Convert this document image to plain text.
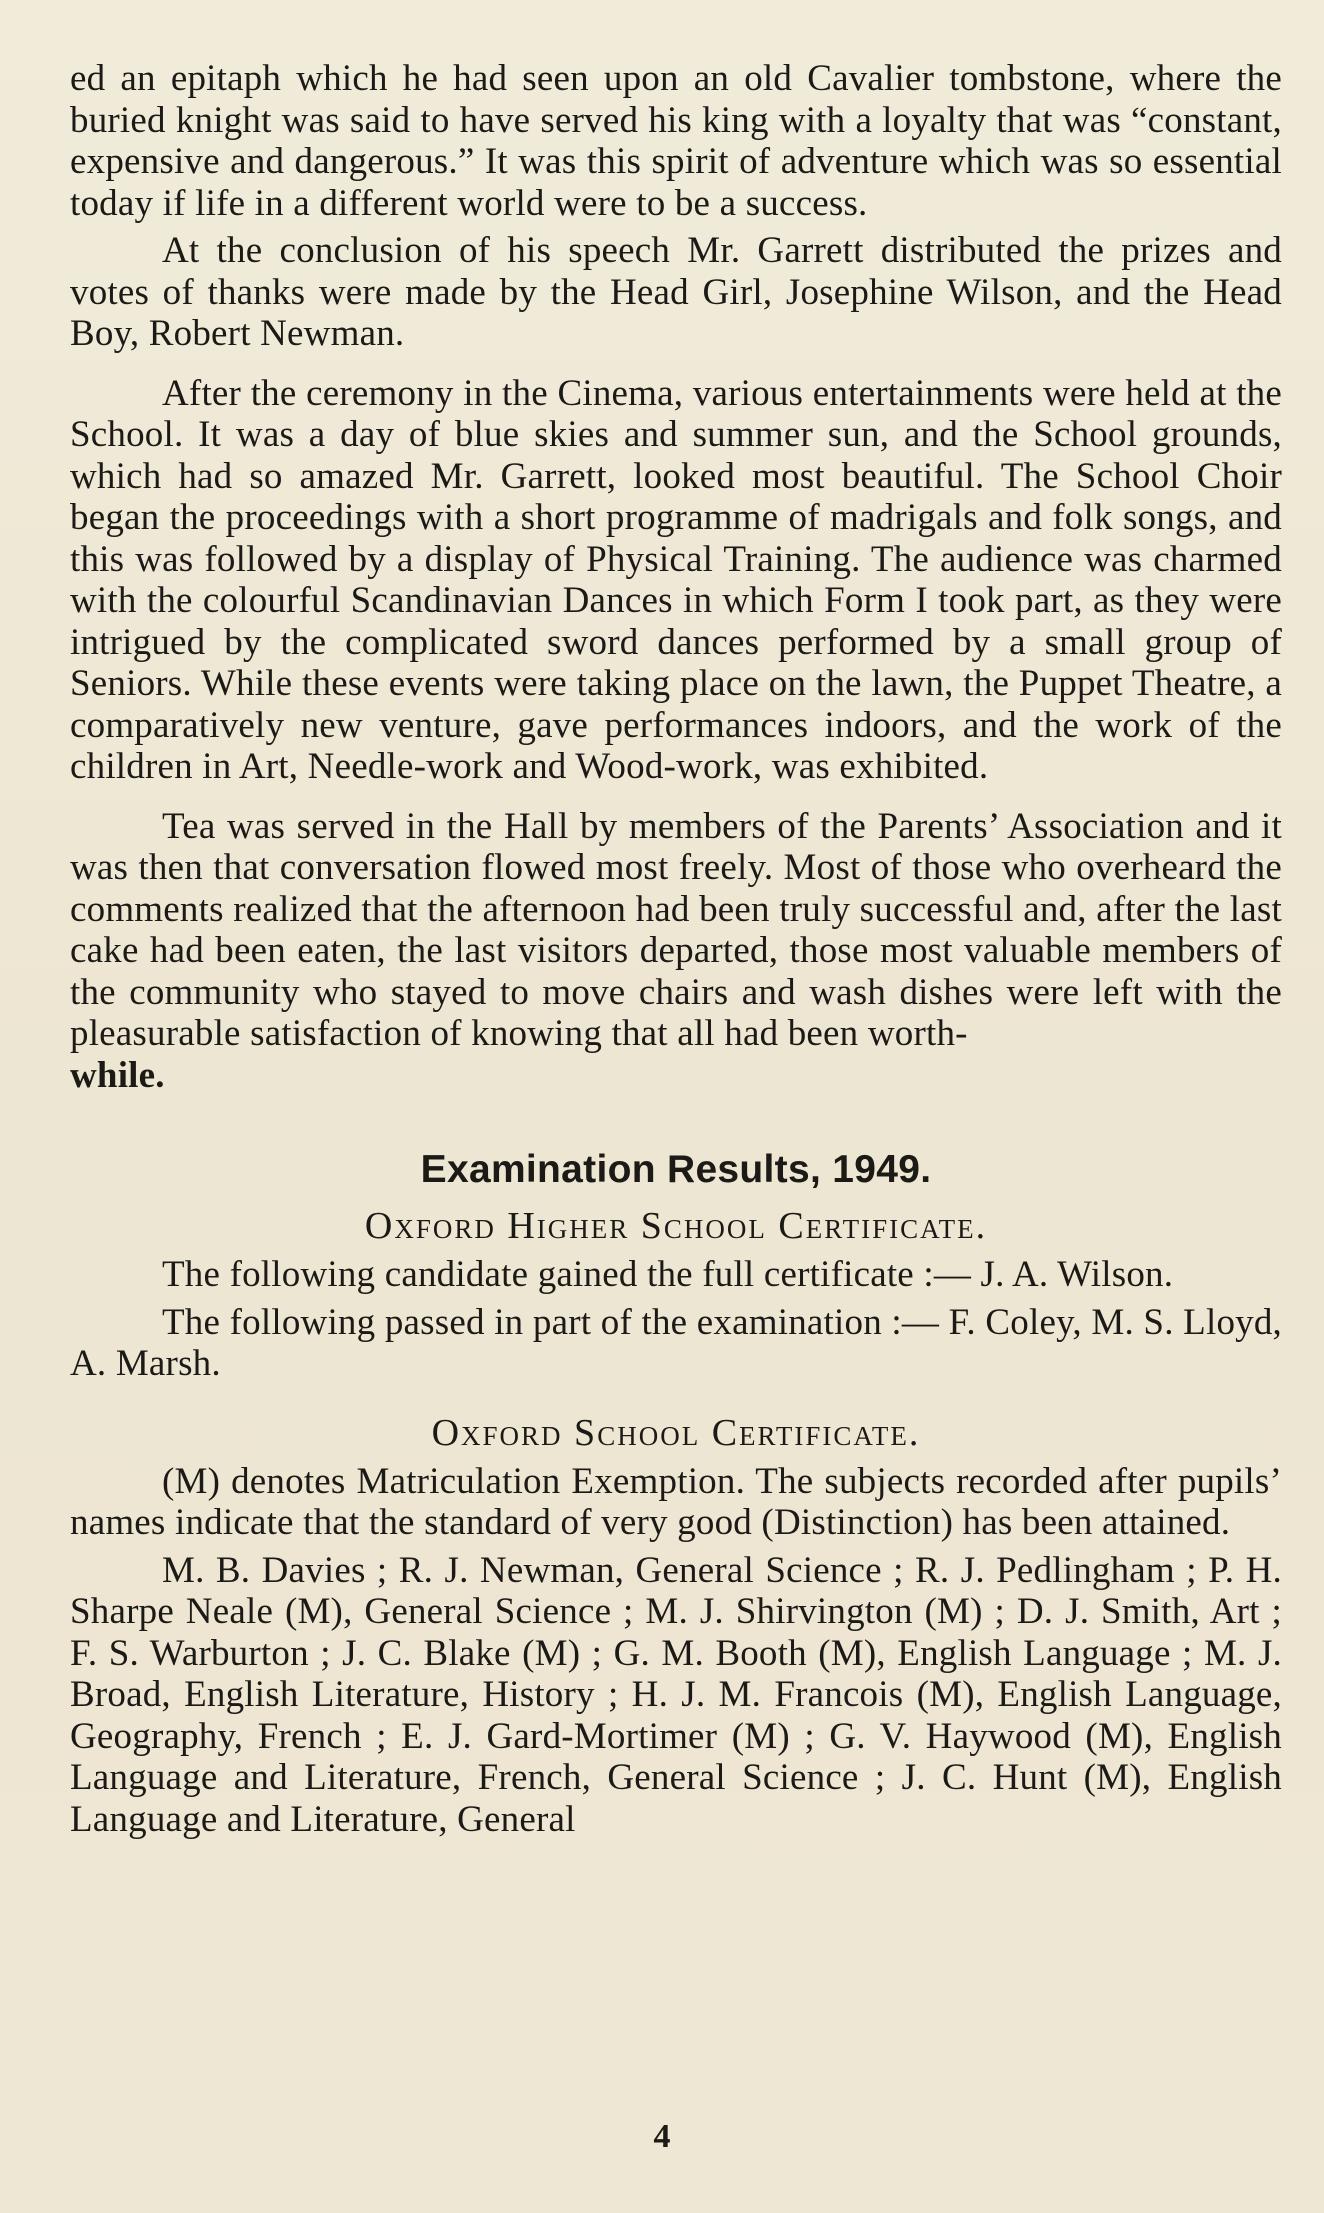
ed an epitaph which he had seen upon an old Cavalier tombstone, where the buried knight was said to have served his king with a loyalty that was “constant, expensive and dangerous.” It was this spirit of adventure which was so essential today if life in a different world were to be a success.

At the conclusion of his speech Mr. Garrett distributed the prizes and votes of thanks were made by the Head Girl, Josephine Wilson, and the Head Boy, Robert Newman.

After the ceremony in the Cinema, various entertainments were held at the School. It was a day of blue skies and summer sun, and the School grounds, which had so amazed Mr. Garrett, looked most beautiful. The School Choir began the proceedings with a short programme of madrigals and folk songs, and this was followed by a display of Physical Training. The audience was charmed with the colourful Scandinavian Dances in which Form I took part, as they were intrigued by the complicated sword dances performed by a small group of Seniors. While these events were taking place on the lawn, the Puppet Theatre, a comparatively new venture, gave performances indoors, and the work of the children in Art, Needle-work and Wood-work, was exhibited.

Tea was served in the Hall by members of the Parents’ Association and it was then that conversation flowed most freely. Most of those who overheard the comments realized that the afternoon had been truly successful and, after the last cake had been eaten, the last visitors departed, those most valuable members of the community who stayed to move chairs and wash dishes were left with the pleasurable satisfaction of knowing that all had been worth-
while.

Examination Results, 1949.
Oxford Higher School Certificate.

The following candidate gained the full certificate :— J. A. Wilson.

The following passed in part of the examination :— F. Coley, M. S. Lloyd, A. Marsh.

Oxford School Certificate.

(M) denotes Matriculation Exemption. The subjects recorded after pupils’ names indicate that the standard of very good (Distinction) has been attained.

M. B. Davies ; R. J. Newman, General Science ; R. J. Pedlingham ; P. H. Sharpe Neale (M), General Science ; M. J. Shirvington (M) ; D. J. Smith, Art ; F. S. Warburton ; J. C. Blake (M) ; G. M. Booth (M), English Language ; M. J. Broad, English Literature, History ; H. J. M. Francois (M), English Language, Geography, French ; E. J. Gard-Mortimer (M) ; G. V. Haywood (M), English Language and Literature, French, General Science ; J. C. Hunt (M), English Language and Literature, General

4
